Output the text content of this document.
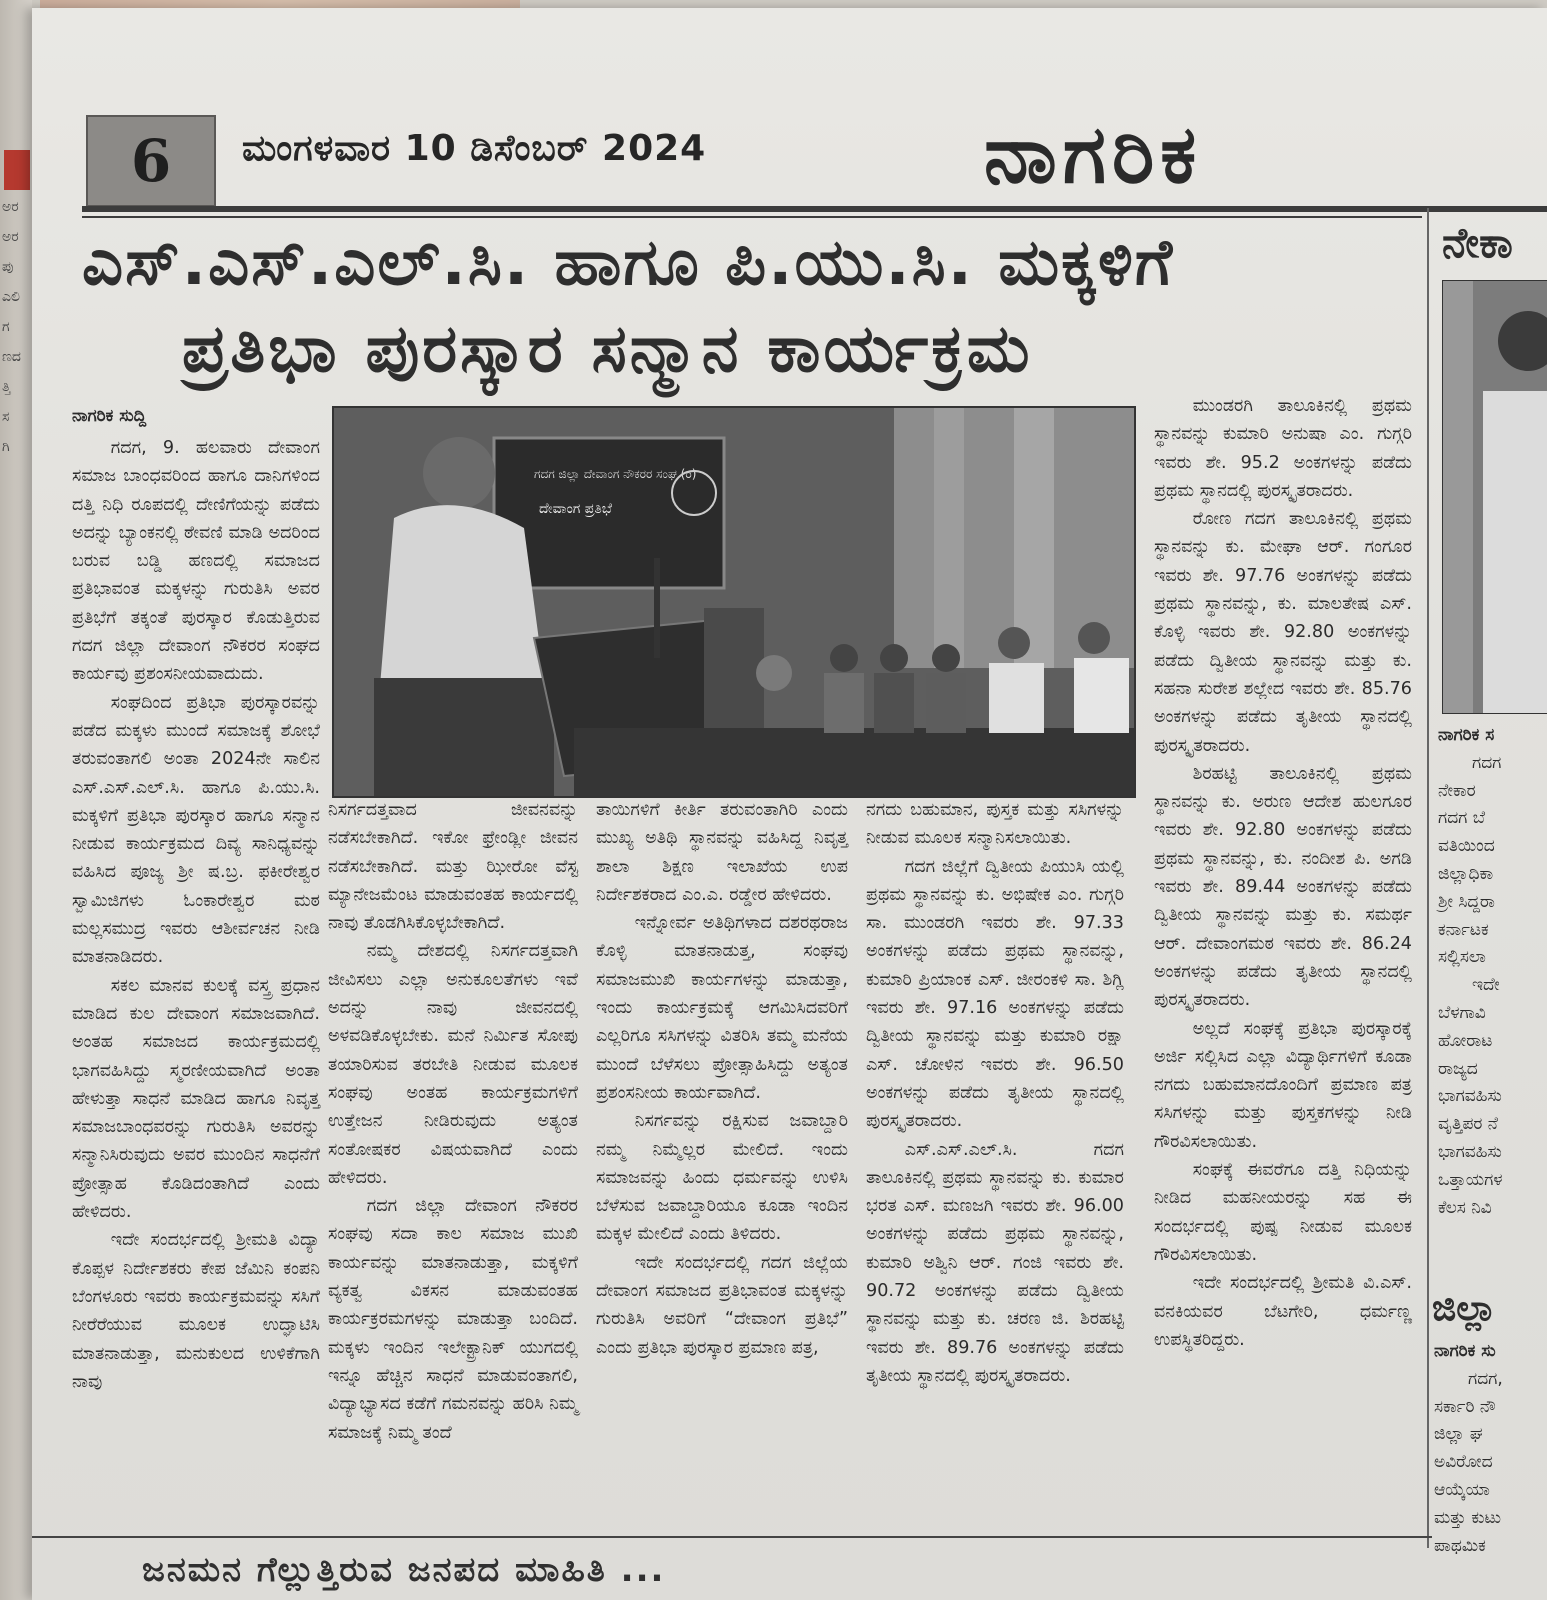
ಅರ
ಅರ
ಪು
ಎಲಿ
ಗ
ಣದ
ತ್ತಿ
ಸ
ಗಿ
6	ಮಂಗಳವಾರ 10 ಡಿಸೆಂಬರ್ 2024	ನಾಗರಿಕ
ಎಸ್.ಎಸ್.ಎಲ್.ಸಿ. ಹಾಗೂ ಪಿ.ಯು.ಸಿ. ಮಕ್ಕಳಿಗೆ
ಪ್ರತಿಭಾ ಪುರಸ್ಕಾರ ಸನ್ಮಾನ ಕಾರ್ಯಕ್ರಮ
ನಾಗರಿಕ ಸುದ್ದಿ

ಗದಗ, 9. ಹಲವಾರು ದೇವಾಂಗ ಸಮಾಜ ಬಾಂಧವರಿಂದ ಹಾಗೂ ದಾನಿಗಳಿಂದ ದತ್ತಿ ನಿಧಿ ರೂಪದಲ್ಲಿ ದೇಣಿಗೆಯನ್ನು ಪಡೆದು ಅದನ್ನು ಬ್ಯಾಂಕನಲ್ಲಿ ಠೇವಣಿ ಮಾಡಿ ಅದರಿಂದ ಬರುವ ಬಡ್ಡಿ ಹಣದಲ್ಲಿ ಸಮಾಜದ ಪ್ರತಿಭಾವಂತ ಮಕ್ಕಳನ್ನು ಗುರುತಿಸಿ ಅವರ ಪ್ರತಿಭೆಗೆ ತಕ್ಕಂತೆ ಪುರಸ್ಕಾರ ಕೊಡುತ್ತಿರುವ ಗದಗ ಜಿಲ್ಲಾ ದೇವಾಂಗ ನೌಕರರ ಸಂಘದ ಕಾರ್ಯವು ಪ್ರಶಂಸನೀಯವಾದುದು.

ಸಂಘದಿಂದ ಪ್ರತಿಭಾ ಪುರಸ್ಕಾರವನ್ನು ಪಡೆದ ಮಕ್ಕಳು ಮುಂದೆ ಸಮಾಜಕ್ಕೆ ಶೋಭೆ ತರುವಂತಾಗಲಿ ಅಂತಾ 2024ನೇ ಸಾಲಿನ ಎಸ್.ಎಸ್.ಎಲ್.ಸಿ. ಹಾಗೂ ಪಿ.ಯು.ಸಿ. ಮಕ್ಕಳಿಗೆ ಪ್ರತಿಭಾ ಪುರಸ್ಕಾರ ಹಾಗೂ ಸನ್ಮಾನ ನೀಡುವ ಕಾರ್ಯಕ್ರಮದ ದಿವ್ಯ ಸಾನಿಧ್ಯವನ್ನು ವಹಿಸಿದ ಪೂಜ್ಯ ಶ್ರೀ ಷ.ಬ್ರ. ಫಕೀರೇಶ್ವರ ಸ್ವಾಮಿಜಿಗಳು ಓಂಕಾರೇಶ್ವರ ಮಠ ಮಲ್ಲಸಮುದ್ರ ಇವರು ಆಶೀರ್ವಚನ ನೀಡಿ ಮಾತನಾಡಿದರು.

ಸಕಲ ಮಾನವ ಕುಲಕ್ಕೆ ವಸ್ತ್ರ ಪ್ರಧಾನ ಮಾಡಿದ ಕುಲ ದೇವಾಂಗ ಸಮಾಜವಾಗಿದೆ. ಅಂತಹ ಸಮಾಜದ ಕಾರ್ಯಕ್ರಮದಲ್ಲಿ ಭಾಗವಹಿಸಿದ್ದು ಸ್ಮರಣೀಯವಾಗಿದೆ ಅಂತಾ ಹೇಳುತ್ತಾ ಸಾಧನೆ ಮಾಡಿದ ಹಾಗೂ ನಿವೃತ್ತ ಸಮಾಜಬಾಂಧವರನ್ನು ಗುರುತಿಸಿ ಅವರನ್ನು ಸನ್ಮಾನಿಸಿರುವುದು ಅವರ ಮುಂದಿನ ಸಾಧನೆಗೆ ಪ್ರೋತ್ಸಾಹ ಕೊಡಿದಂತಾಗಿದೆ ಎಂದು ಹೇಳಿದರು.

ಇದೇ ಸಂದರ್ಭದಲ್ಲಿ ಶ್ರೀಮತಿ ವಿದ್ಯಾ ಕೊಪ್ಪಳ ನಿರ್ದೇಶಕರು ಕೇಪ ಜೆಮಿನಿ ಕಂಪನಿ ಬೆಂಗಳೂರು ಇವರು ಕಾರ್ಯಕ್ರಮವನ್ನು ಸಸಿಗೆ ನೀರೆರೆಯುವ ಮೂಲಕ ಉದ್ಘಾಟಿಸಿ ಮಾತನಾಡುತ್ತಾ, ಮನುಕುಲದ ಉಳಿಕೆಗಾಗಿ ನಾವು

ಗದಗ ಜಿಲ್ಲಾ ದೇವಾಂಗ ನೌಕರರ ಸಂಘ (ರಿ)
ದೇವಾಂಗ ಪ್ರತಿಭೆ

ನಿಸರ್ಗದತ್ತವಾದ ಜೀವನವನ್ನು ನಡೆಸಬೇಕಾಗಿದೆ. ಇಕೋ ಫ್ರೇಂಡ್ಲೀ ಜೀವನ ನಡೆಸಬೇಕಾಗಿದೆ. ಮತ್ತು ಝೀರೋ ವೆಸ್ಟ ಮ್ಯಾನೇಜಮೆಂಟ ಮಾಡುವಂತಹ ಕಾರ್ಯದಲ್ಲಿ ನಾವು ತೊಡಗಿಸಿಕೊಳ್ಳಬೇಕಾಗಿದೆ.

ನಮ್ಮ ದೇಶದಲ್ಲಿ ನಿಸರ್ಗದತ್ತವಾಗಿ ಜೀವಿಸಲು ಎಲ್ಲಾ ಅನುಕೂಲತೆಗಳು ಇವೆ ಅದನ್ನು ನಾವು ಜೀವನದಲ್ಲಿ ಅಳವಡಿಕೊಳ್ಳಬೇಕು. ಮನೆ ನಿರ್ಮಿತ ಸೋಪು ತಯಾರಿಸುವ ತರಬೇತಿ ನೀಡುವ ಮೂಲಕ ಸಂಘವು ಅಂತಹ ಕಾರ್ಯಕ್ರಮಗಳಿಗೆ ಉತ್ತೇಜನ ನೀಡಿರುವುದು ಅತ್ಯಂತ ಸಂತೋಷಕರ ವಿಷಯವಾಗಿದೆ ಎಂದು ಹೇಳಿದರು.

ಗದಗ ಜಿಲ್ಲಾ ದೇವಾಂಗ ನೌಕರರ ಸಂಘವು ಸದಾ ಕಾಲ ಸಮಾಜ ಮುಖಿ ಕಾರ್ಯವನ್ನು ಮಾತನಾಡುತ್ತಾ, ಮಕ್ಕಳಿಗೆ ವ್ಯಕತ್ವ ವಿಕಸನ ಮಾಡುವಂತಹ ಕಾರ್ಯಕ್ರರಮಗಳನ್ನು ಮಾಡುತ್ತಾ ಬಂದಿದೆ. ಮಕ್ಕಳು ಇಂದಿನ ಇಲೇಕ್ಟ್ರಾನಿಕ್ ಯುಗದಲ್ಲಿ ಇನ್ನೂ ಹೆಚ್ಚಿನ ಸಾಧನೆ ಮಾಡುವಂತಾಗಲಿ, ವಿದ್ಯಾಭ್ಯಾಸದ ಕಡೆಗೆ ಗಮನವನ್ನು ಹರಿಸಿ ನಿಮ್ಮ ಸಮಾಜಕ್ಕೆ ನಿಮ್ಮ ತಂದೆ

ತಾಯಿಗಳಿಗೆ ಕೀರ್ತಿ ತರುವಂತಾಗಿರಿ ಎಂದು ಮುಖ್ಯ ಅತಿಥಿ ಸ್ಥಾನವನ್ನು ವಹಿಸಿದ್ದ ನಿವೃತ್ತ ಶಾಲಾ ಶಿಕ್ಷಣ ಇಲಾಖೆಯ ಉಪ ನಿರ್ದೇಶಕರಾದ ಎಂ.ಎ. ರಡ್ಡೇರ ಹೇಳಿದರು.

ಇನ್ನೋರ್ವ ಅತಿಥಿಗಳಾದ ದಶರಥರಾಜ ಕೊಳ್ಳಿ ಮಾತನಾಡುತ್ತ, ಸಂಘವು ಸಮಾಜಮುಖಿ ಕಾರ್ಯಗಳನ್ನು ಮಾಡುತ್ತಾ, ಇಂದು ಕಾರ್ಯಕ್ರಮಕ್ಕೆ ಆಗಮಿಸಿದವರಿಗೆ ಎಲ್ಲರಿಗೂ ಸಸಿಗಳನ್ನು ವಿತರಿಸಿ ತಮ್ಮ ಮನೆಯ ಮುಂದೆ ಬೆಳೆಸಲು ಪ್ರೋತ್ಸಾಹಿಸಿದ್ದು ಅತ್ಯಂತ ಪ್ರಶಂಸನೀಯ ಕಾರ್ಯವಾಗಿದೆ.

ನಿಸರ್ಗವನ್ನು ರಕ್ಷಿಸುವ ಜವಾಬ್ದಾರಿ ನಮ್ಮ ನಿಮ್ಮೆಲ್ಲರ ಮೇಲಿದೆ. ಇಂದು ಸಮಾಜವನ್ನು ಹಿಂದು ಧರ್ಮವನ್ನು ಉಳಿಸಿ ಬೆಳೆಸುವ ಜವಾಬ್ದಾರಿಯೂ ಕೂಡಾ ಇಂದಿನ ಮಕ್ಕಳ ಮೇಲಿದೆ ಎಂದು ತಿಳಿದರು.

ಇದೇ ಸಂದರ್ಭದಲ್ಲಿ ಗದಗ ಜಿಲ್ಲೆಯ ದೇವಾಂಗ ಸಮಾಜದ ಪ್ರತಿಭಾವಂತ ಮಕ್ಕಳನ್ನು ಗುರುತಿಸಿ ಅವರಿಗೆ “ದೇವಾಂಗ ಪ್ರತಿಭೆ” ಎಂದು ಪ್ರತಿಭಾ ಪುರಸ್ಕಾರ ಪ್ರಮಾಣ ಪತ್ರ,

ನಗದು ಬಹುಮಾನ, ಪುಸ್ತಕ ಮತ್ತು ಸಸಿಗಳನ್ನು ನೀಡುವ ಮೂಲಕ ಸನ್ಮಾನಿಸಲಾಯಿತು.

ಗದಗ ಜಿಲ್ಲೆಗೆ ದ್ವಿತೀಯ ಪಿಯುಸಿ ಯಲ್ಲಿ ಪ್ರಥಮ ಸ್ಥಾನವನ್ನು ಕು. ಅಭಿಷೇಕ ಎಂ. ಗುಗ್ಗರಿ ಸಾ. ಮುಂಡರಗಿ ಇವರು ಶೇ. 97.33 ಅಂಕಗಳನ್ನು ಪಡೆದು ಪ್ರಥಮ ಸ್ಥಾನವನ್ನು, ಕುಮಾರಿ ಪ್ರಿಯಾಂಕ ಎಸ್. ಜೀರಂಕಳಿ ಸಾ. ಶಿಗ್ಲಿ ಇವರು ಶೇ. 97.16 ಅಂಕಗಳನ್ನು ಪಡೆದು ದ್ವಿತೀಯ ಸ್ಥಾನವನ್ನು ಮತ್ತು ಕುಮಾರಿ ರಕ್ಷಾ ಎಸ್. ಚೋಳಿನ ಇವರು ಶೇ. 96.50 ಅಂಕಗಳನ್ನು ಪಡೆದು ತೃತೀಯ ಸ್ಥಾನದಲ್ಲಿ ಪುರಸ್ಕೃತರಾದರು.

ಎಸ್.ಎಸ್.ಎಲ್.ಸಿ. ಗದಗ ತಾಲೂಕಿನಲ್ಲಿ ಪ್ರಥಮ ಸ್ಥಾನವನ್ನು ಕು. ಕುಮಾರ ಭರತ ಎಸ್. ಮಣಜಗಿ ಇವರು ಶೇ. 96.00 ಅಂಕಗಳನ್ನು ಪಡೆದು ಪ್ರಥಮ ಸ್ಥಾನವನ್ನು, ಕುಮಾರಿ ಅಶ್ವಿನಿ ಆರ್. ಗಂಜಿ ಇವರು ಶೇ. 90.72 ಅಂಕಗಳನ್ನು ಪಡೆದು ದ್ವಿತೀಯ ಸ್ಥಾನವನ್ನು ಮತ್ತು ಕು. ಚರಣ ಜಿ. ಶಿರಹಟ್ಟಿ ಇವರು ಶೇ. 89.76 ಅಂಕಗಳನ್ನು ಪಡೆದು ತೃತೀಯ ಸ್ಥಾನದಲ್ಲಿ ಪುರಸ್ಕೃತರಾದರು.

ಮುಂಡರಗಿ ತಾಲೂಕಿನಲ್ಲಿ ಪ್ರಥಮ ಸ್ಥಾನವನ್ನು ಕುಮಾರಿ ಅನುಷಾ ಎಂ. ಗುಗ್ಗರಿ ಇವರು ಶೇ. 95.2 ಅಂಕಗಳನ್ನು ಪಡೆದು ಪ್ರಥಮ ಸ್ಥಾನದಲ್ಲಿ ಪುರಸ್ಕೃತರಾದರು.

ರೋಣ ಗದಗ ತಾಲೂಕಿನಲ್ಲಿ ಪ್ರಥಮ ಸ್ಥಾನವನ್ನು ಕು. ಮೇಘಾ ಆರ್. ಗಂಗೂರ ಇವರು ಶೇ. 97.76 ಅಂಕಗಳನ್ನು ಪಡೆದು ಪ್ರಥಮ ಸ್ಥಾನವನ್ನು, ಕು. ಮಾಲತೇಷ ಎಸ್. ಕೊಳ್ಳಿ ಇವರು ಶೇ. 92.80 ಅಂಕಗಳನ್ನು ಪಡೆದು ದ್ವಿತೀಯ ಸ್ಥಾನವನ್ನು ಮತ್ತು ಕು. ಸಹನಾ ಸುರೇಶ ಶಲ್ಲೇದ ಇವರು ಶೇ. 85.76 ಅಂಕಗಳನ್ನು ಪಡೆದು ತೃತೀಯ ಸ್ಥಾನದಲ್ಲಿ ಪುರಸ್ಕೃತರಾದರು.

ಶಿರಹಟ್ಟಿ ತಾಲೂಕಿನಲ್ಲಿ ಪ್ರಥಮ ಸ್ಥಾನವನ್ನು ಕು. ಅರುಣ ಆದೇಶ ಹುಲಗೂರ ಇವರು ಶೇ. 92.80 ಅಂಕಗಳನ್ನು ಪಡೆದು ಪ್ರಥಮ ಸ್ಥಾನವನ್ನು, ಕು. ನಂದೀಶ ಪಿ. ಅಗಡಿ ಇವರು ಶೇ. 89.44 ಅಂಕಗಳನ್ನು ಪಡೆದು ದ್ವಿತೀಯ ಸ್ಥಾನವನ್ನು ಮತ್ತು ಕು. ಸಮರ್ಥ ಆರ್. ದೇವಾಂಗಮಠ ಇವರು ಶೇ. 86.24 ಅಂಕಗಳನ್ನು ಪಡೆದು ತೃತೀಯ ಸ್ಥಾನದಲ್ಲಿ ಪುರಸ್ಕೃತರಾದರು.

ಅಲ್ಲದೆ ಸಂಘಕ್ಕೆ ಪ್ರತಿಭಾ ಪುರಸ್ಕಾರಕ್ಕೆ ಅರ್ಜಿ ಸಲ್ಲಿಸಿದ ಎಲ್ಲಾ ವಿದ್ಯಾರ್ಥಿಗಳಿಗೆ ಕೂಡಾ ನಗದು ಬಹುಮಾನದೊಂದಿಗೆ ಪ್ರಮಾಣ ಪತ್ರ ಸಸಿಗಳನ್ನು ಮತ್ತು ಪುಸ್ತಕಗಳನ್ನು ನೀಡಿ ಗೌರವಿಸಲಾಯಿತು.

ಸಂಘಕ್ಕೆ ಈವರೆಗೂ ದತ್ತಿ ನಿಧಿಯನ್ನು ನೀಡಿದ ಮಹನೀಯರನ್ನು ಸಹ ಈ ಸಂದರ್ಭದಲ್ಲಿ ಪುಷ್ಪ ನೀಡುವ ಮೂಲಕ ಗೌರವಿಸಲಾಯಿತು.

ಇದೇ ಸಂದರ್ಭದಲ್ಲಿ ಶ್ರೀಮತಿ ವಿ.ಎಸ್. ವನಕಿಯವರ ಬೆಟಗೇರಿ, ಧರ್ಮಣ್ಣ ಉಪಸ್ಥಿತರಿದ್ದರು.

ನೇಕಾ
ನಾಗರಿಕ ಸ
ಗದಗ
ನೇಕಾರ
ಗದಗ ಬೆ
ವತಿಯಿಂದ
ಜಿಲ್ಲಾಧಿಕಾ
ಶ್ರೀ ಸಿದ್ದರಾ
ಕರ್ನಾಟಕ
ಸಲ್ಲಿಸಲಾ
ಇದೇ
ಬೆಳಗಾವಿ
ಹೋರಾಟ
ರಾಜ್ಯದ
ಭಾಗವಹಿಸು
ವೃತ್ತಿಪರ ನೆ
ಭಾಗವಹಿಸು
ಒತ್ತಾಯಗಳ
ಕೆಲಸ ನಿವಿ
ಜಿಲ್ಲಾ
ನಾಗರಿಕ ಸು
ಗದಗ,
ಸರ್ಕಾರಿ ನೌ
ಜಿಲ್ಲಾ ಘ
ಅವಿರೋದ
ಆಯ್ಕೆಯಾ
ಮತ್ತು ಕುಟು
ಪಾಥಮಿಕ
ಜನಮನ ಗೆಲ್ಲುತ್ತಿರುವ ಜನಪದ ಮಾಹಿತಿ ...
